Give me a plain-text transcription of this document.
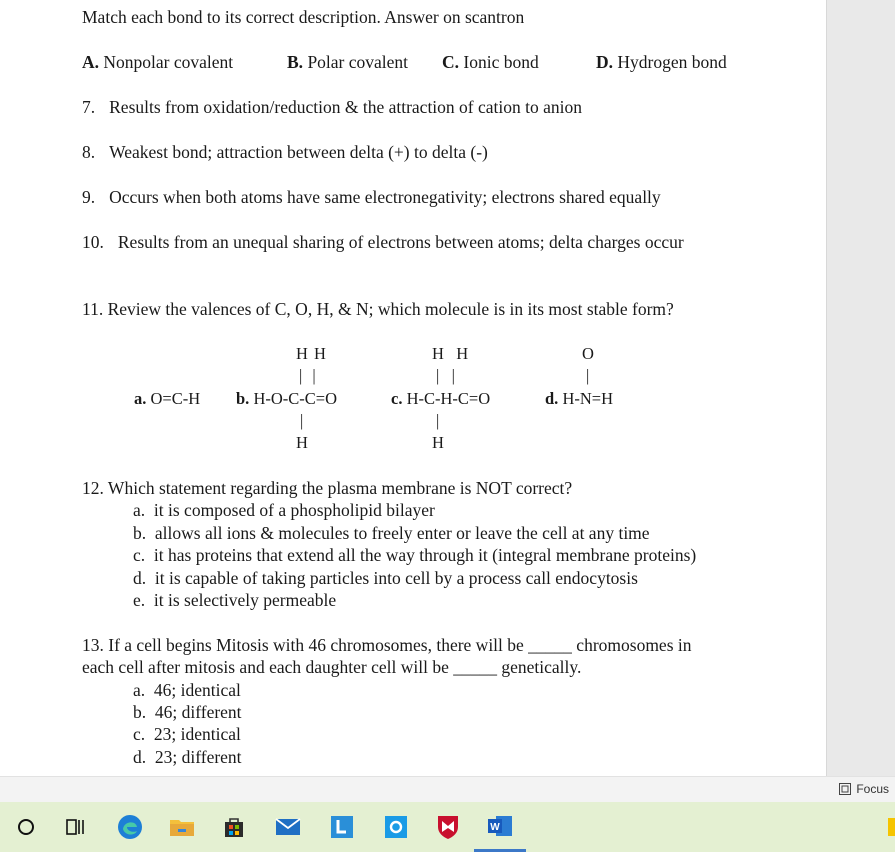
Match each bond to its correct description. Answer on scantron
A. Nonpolar covalent	B. Polar covalent C. Ionic bond	D. Hydrogen bond
7. Results from oxidation/reduction & the attraction of cation to anion
8. Weakest bond; attraction between delta (+) to delta (-)
9. Occurs when both atoms have same electronegativity; electrons shared equally
10. Results from an unequal sharing of electrons between atoms; delta charges occur
11. Review the valences of C, O, H, & N; which molecule is in its most stable form?
a. O=C-H
H H
| |
b. H-O-C-C=O
|
H
H   H
|   |
c. H-C-H-C=O
|
H
O
|
d. H-N=H
12. Which statement regarding the plasma membrane is NOT correct?
a. it is composed of a phospholipid bilayer
b. allows all ions & molecules to freely enter or leave the cell at any time
c. it has proteins that extend all the way through it (integral membrane proteins)
d. it is capable of taking particles into cell by a process call endocytosis
e. it is selectively permeable
13. If a cell begins Mitosis with 46 chromosomes, there will be _____ chromosomes in
each cell after mitosis and each daughter cell will be _____ genetically.
a. 46; identical
b. 46; different
c. 23; identical
d. 23; different
Focus
W
